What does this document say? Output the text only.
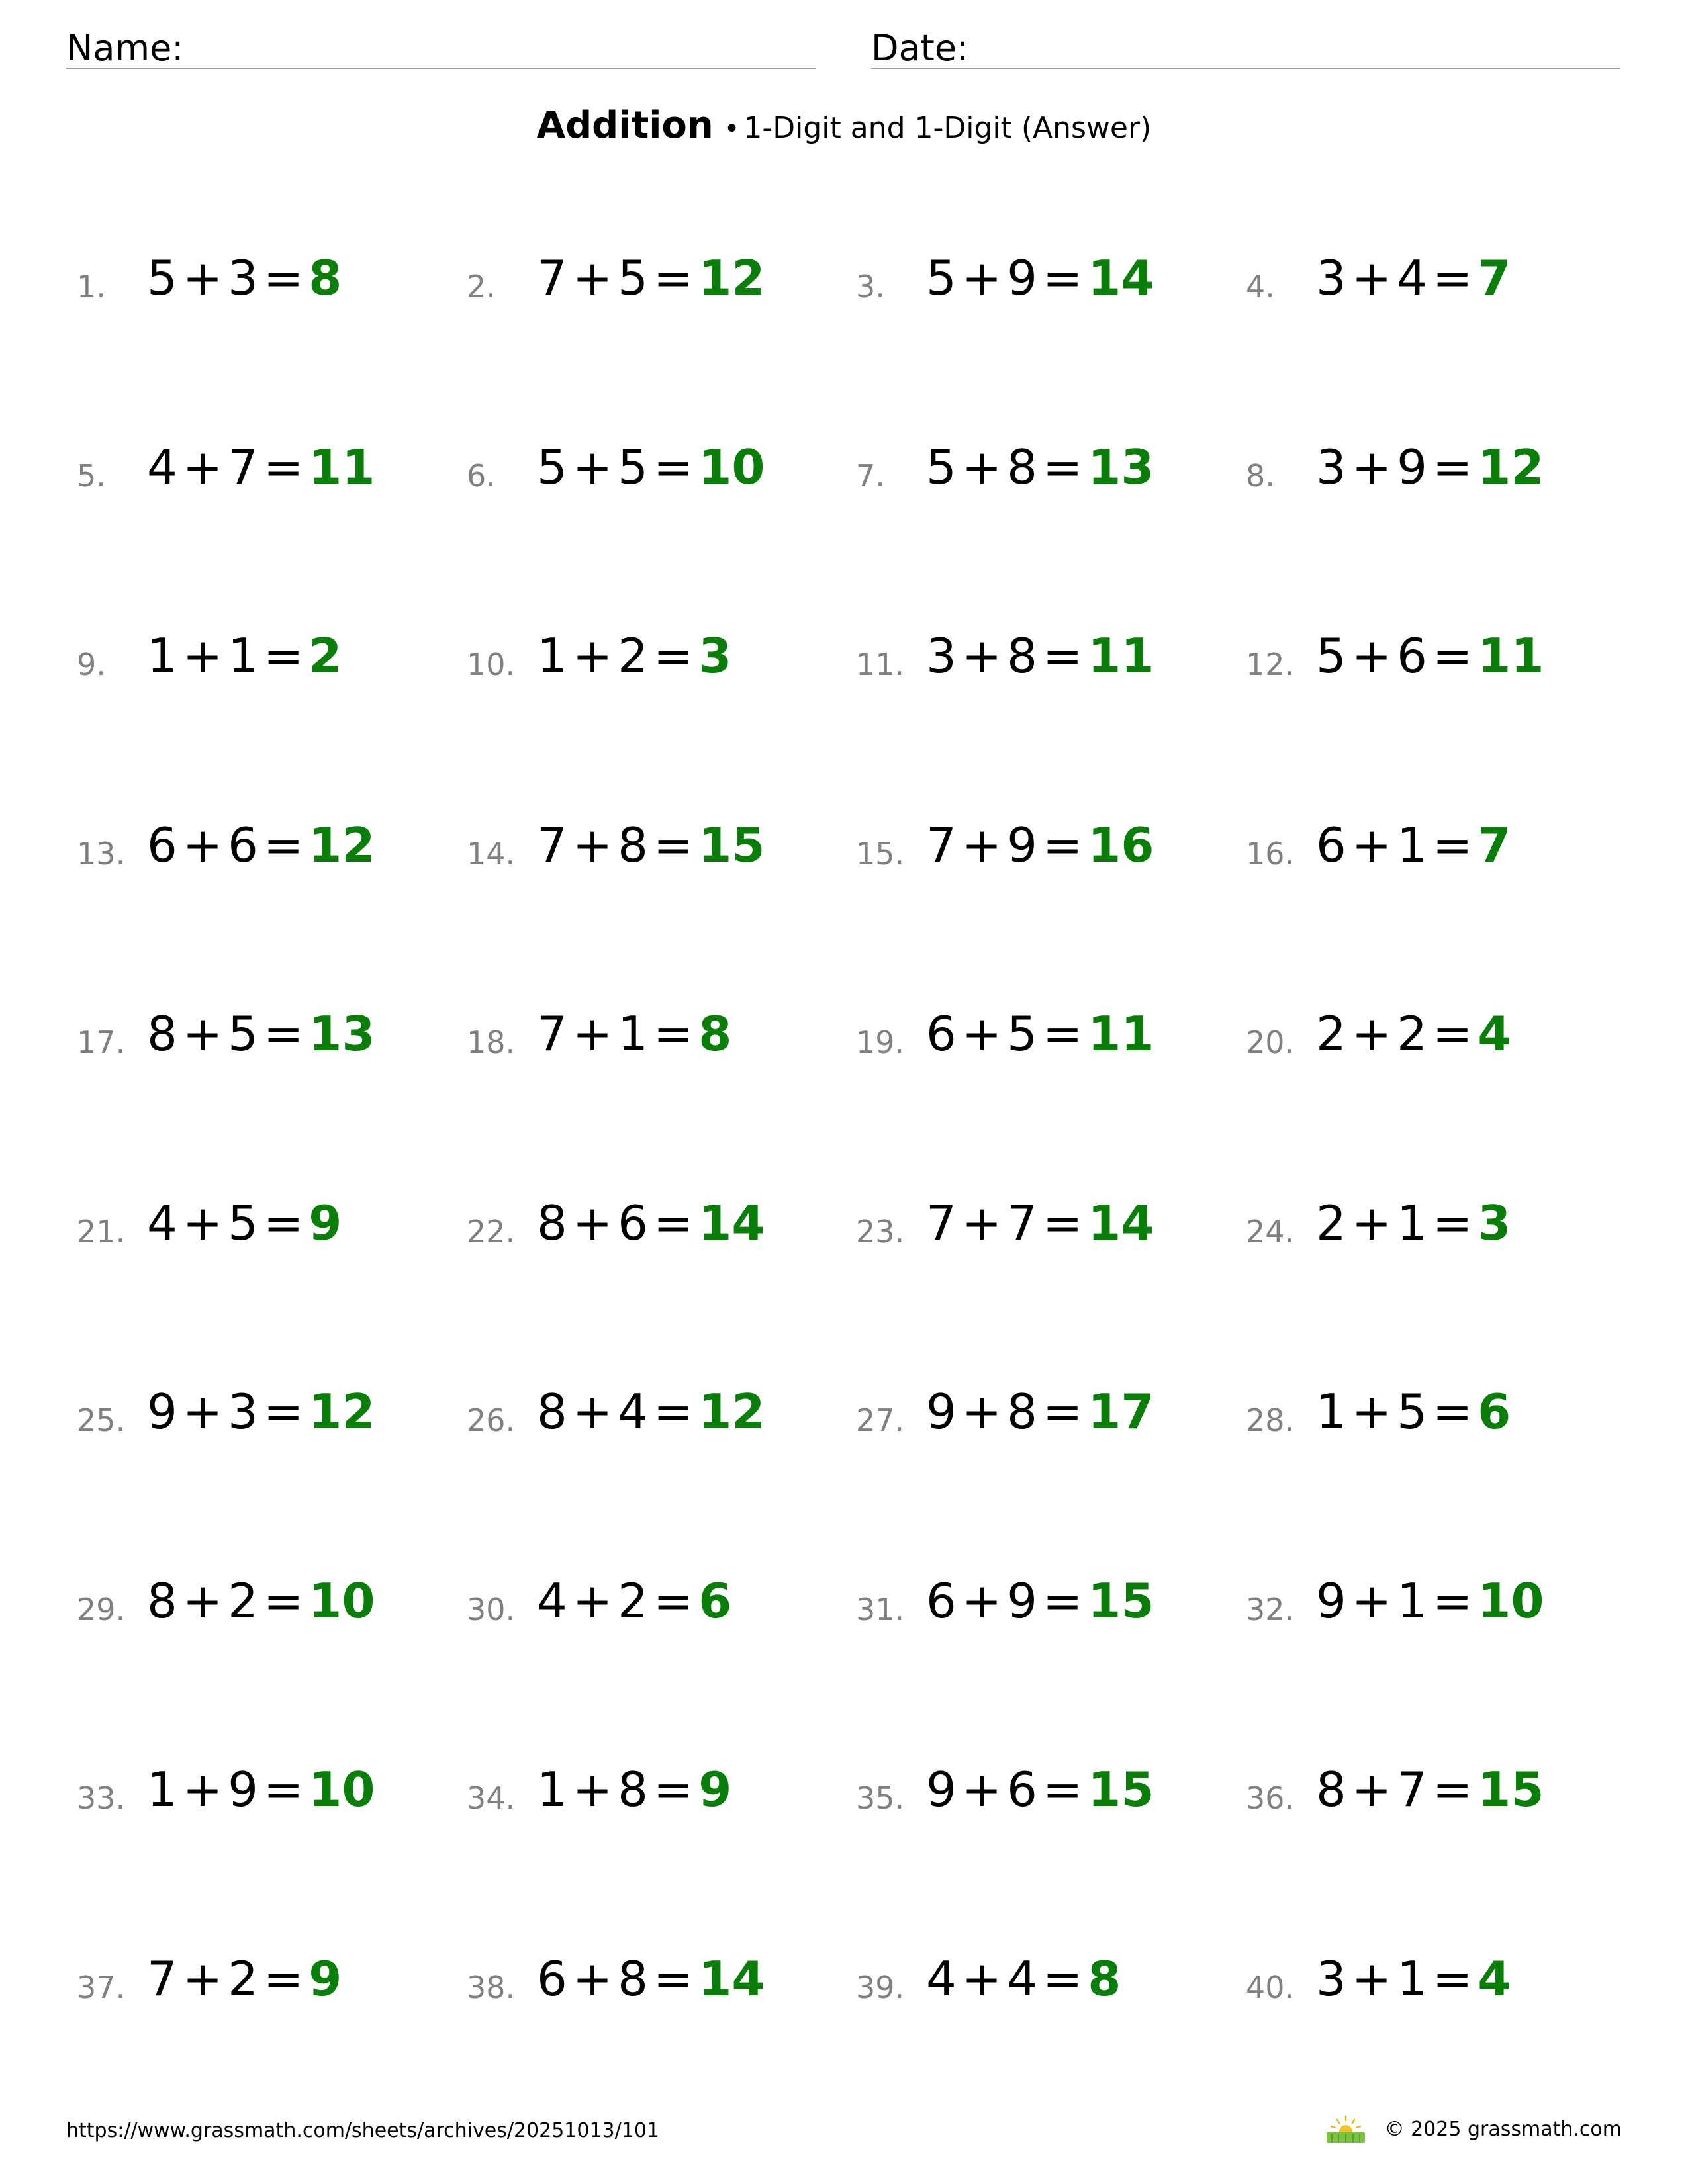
Name:	Date:
Addition • 1-Digit and 1-Digit (Answer)
1. 5 + 3 = 8	2. 7 + 5 = 12	3. 5 + 9 = 14	4. 3 + 4 = 7
5. 4 + 7 = 11	6. 5 + 5 = 10	7. 5 + 8 = 13	8. 3 + 9 = 12
9. 1 + 1 = 2	10. 1 + 2 = 3	11. 3 + 8 = 11	12. 5 + 6 = 11
13. 6 + 6 = 12	14. 7 + 8 = 15	15. 7 + 9 = 16	16. 6 + 1 = 7
17. 8 + 5 = 13	18. 7 + 1 = 8	19. 6 + 5 = 11	20. 2 + 2 = 4
21. 4 + 5 = 9	22. 8 + 6 = 14	23. 7 + 7 = 14	24. 2 + 1 = 3
25. 9 + 3 = 12	26. 8 + 4 = 12	27. 9 + 8 = 17	28. 1 + 5 = 6
29. 8 + 2 = 10	30. 4 + 2 = 6	31. 6 + 9 = 15	32. 9 + 1 = 10
33. 1 + 9 = 10	34. 1 + 8 = 9	35. 9 + 6 = 15	36. 8 + 7 = 15
37. 7 + 2 = 9	38. 6 + 8 = 14	39. 4 + 4 = 8	40. 3 + 1 = 4
https://www.grassmath.com/sheets/archives/20251013/101	© 2025 grassmath.com
